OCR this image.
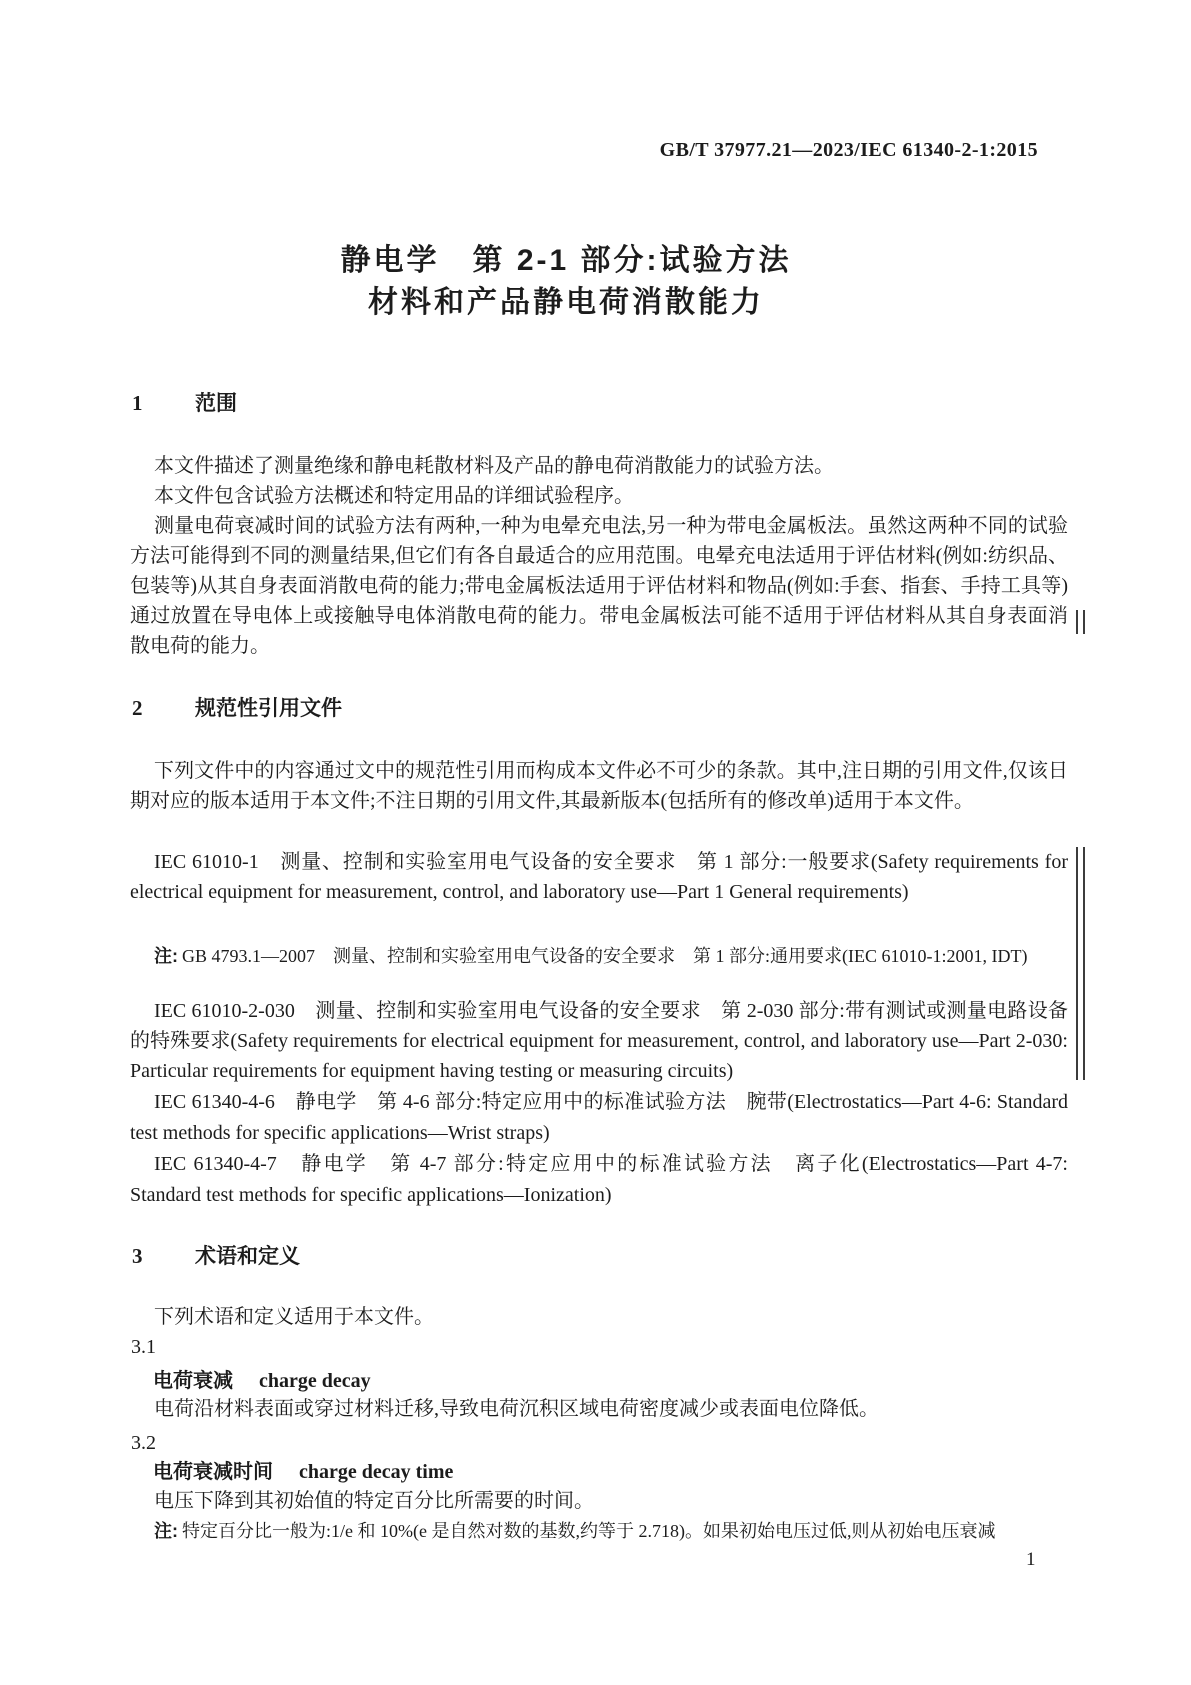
GB/T 37977.21—2023/IEC 61340-2-1:2015
静电学　第 2-1 部分:试验方法
材料和产品静电荷消散能力
1	范围
本文件描述了测量绝缘和静电耗散材料及产品的静电荷消散能力的试验方法。
本文件包含试验方法概述和特定用品的详细试验程序。
测量电荷衰减时间的试验方法有两种,一种为电晕充电法,另一种为带电金属板法。虽然这两种不同的试验方法可能得到不同的测量结果,但它们有各自最适合的应用范围。电晕充电法适用于评估材料(例如:纺织品、包装等)从其自身表面消散电荷的能力;带电金属板法适用于评估材料和物品(例如:手套、指套、手持工具等)通过放置在导电体上或接触导电体消散电荷的能力。带电金属板法可能不适用于评估材料从其自身表面消散电荷的能力。
2	规范性引用文件
下列文件中的内容通过文中的规范性引用而构成本文件必不可少的条款。其中,注日期的引用文件,仅该日期对应的版本适用于本文件;不注日期的引用文件,其最新版本(包括所有的修改单)适用于本文件。
IEC 61010-1　测量、控制和实验室用电气设备的安全要求　第 1 部分:一般要求(Safety requirements for electrical equipment for measurement, control, and laboratory use—Part 1 General requirements)
注: GB 4793.1—2007　测量、控制和实验室用电气设备的安全要求　第 1 部分:通用要求(IEC 61010-1:2001, IDT)
IEC 61010-2-030　测量、控制和实验室用电气设备的安全要求　第 2-030 部分:带有测试或测量电路设备的特殊要求(Safety requirements for electrical equipment for measurement, control, and laboratory use—Part 2-030: Particular requirements for equipment having testing or measuring circuits)
IEC 61340-4-6　静电学　第 4-6 部分:特定应用中的标准试验方法　腕带(Electrostatics—Part 4-6: Standard test methods for specific applications—Wrist straps)
IEC 61340-4-7　静电学　第 4-7 部分:特定应用中的标准试验方法　离子化(Electrostatics—Part 4-7: Standard test methods for specific applications—Ionization)
3	术语和定义
下列术语和定义适用于本文件。
3.1
电荷衰减 charge decay
电荷沿材料表面或穿过材料迁移,导致电荷沉积区域电荷密度减少或表面电位降低。
3.2
电荷衰减时间 charge decay time
电压下降到其初始值的特定百分比所需要的时间。
注: 特定百分比一般为:1/e 和 10%(e 是自然对数的基数,约等于 2.718)。如果初始电压过低,则从初始电压衰减
1
